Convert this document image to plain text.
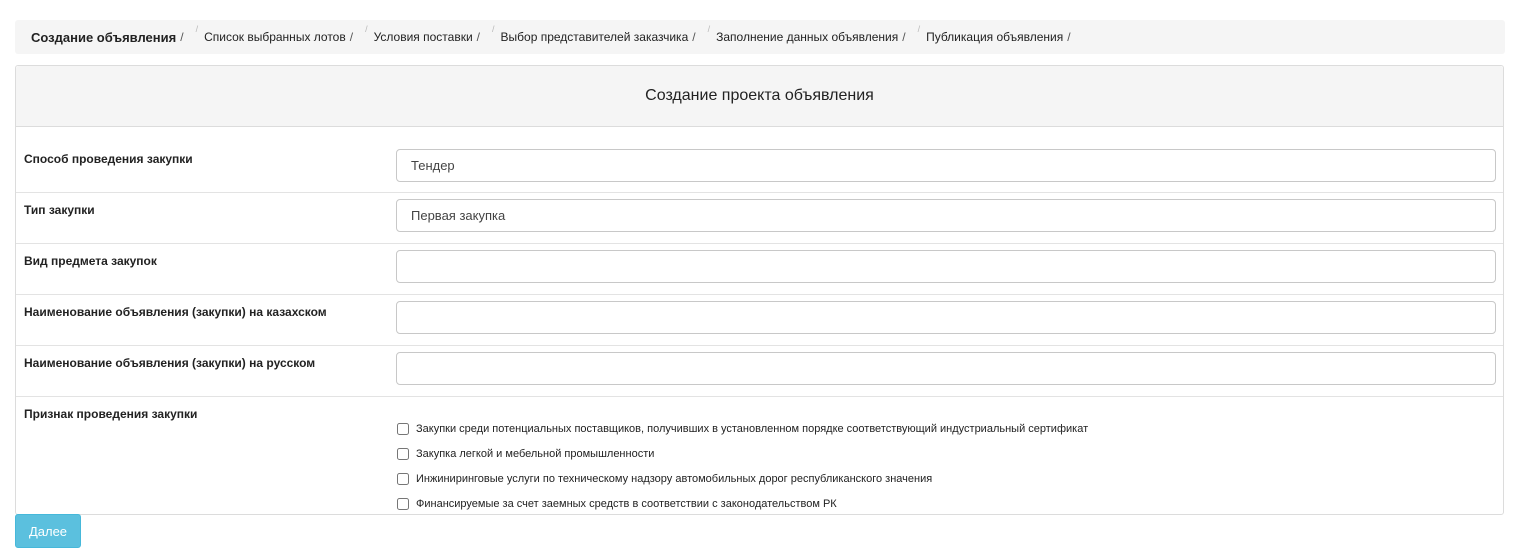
Создание объявления /
/
Список выбранных лотов /
/
Условия поставки /
/
Выбор представителей заказчика /
/
Заполнение данных объявления /
/
Публикация объявления /
Создание проекта объявления
Способ проведения закупки
Тендер
Тип закупки
Первая закупка
Вид предмета закупок
Наименование объявления (закупки) на казахском
Наименование объявления (закупки) на русском
Признак проведения закупки
Закупки среди потенциальных поставщиков, получивших в установленном порядке соответствующий индустриальный сертификат
Закупка легкой и мебельной промышленности
Инжиниринговые услуги по техническому надзору автомобильных дорог республиканского значения
Финансируемые за счет заемных средств в соответствии с законодательством РК
Далее
